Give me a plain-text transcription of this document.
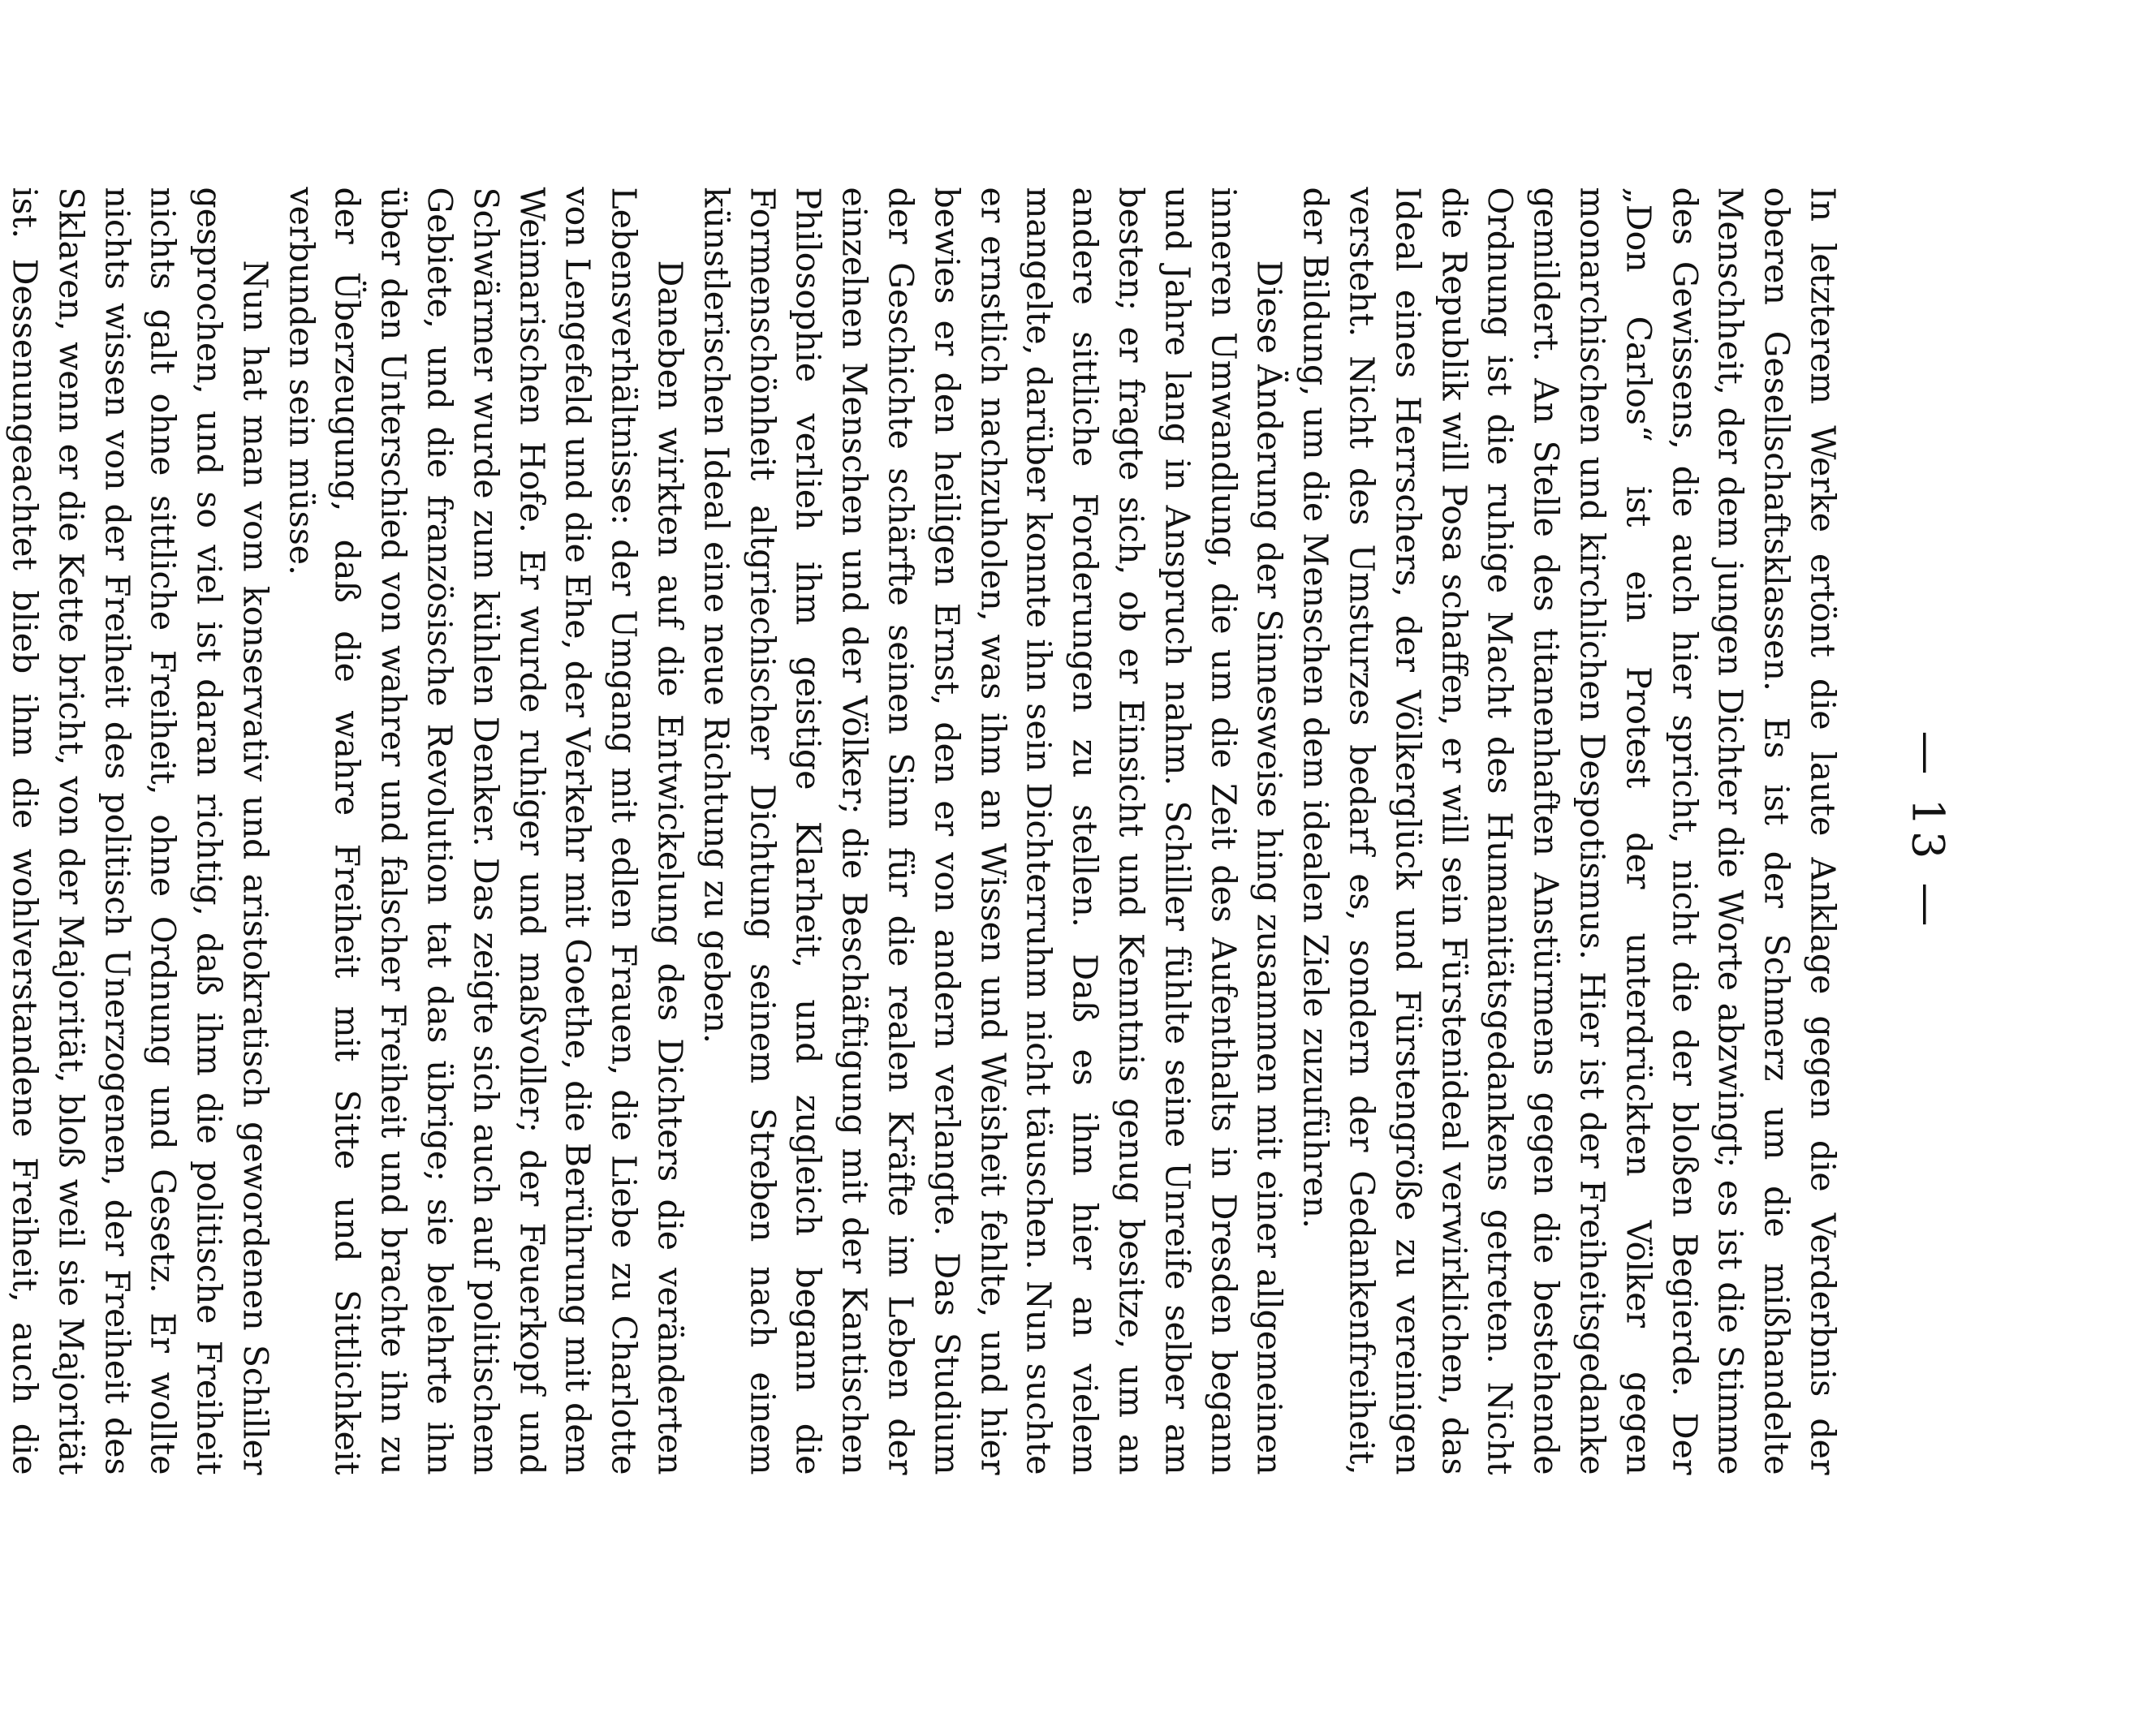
— 13 —

In letzterem Werke ertönt die laute Anklage gegen die Verderbnis der oberen Gesellschaftsklassen. Es ist der Schmerz um die mißhandelte Menschheit, der dem jungen Dichter die Worte abzwingt; es ist die Stimme des Gewissens, die auch hier spricht, nicht die der bloßen Begierde. Der „Don Carlos“ ist ein Protest der unterdrückten Völker gegen monarchischen und kirchlichen Despotismus. Hier ist der Freiheitsgedanke gemildert. An Stelle des titanenhaften Anstürmens gegen die bestehende Ordnung ist die ruhige Macht des Humanitätsgedankens getreten. Nicht die Republik will Posa schaffen, er will sein Fürstenideal verwirklichen, das Ideal eines Herrschers, der Völkerglück und Fürstengröße zu vereinigen versteht. Nicht des Umsturzes bedarf es, sondern der Gedankenfreiheit, der Bildung, um die Menschen dem idealen Ziele zuzuführen.

Diese Änderung der Sinnesweise hing zusammen mit einer allgemeinen inneren Umwandlung, die um die Zeit des Aufenthalts in Dresden begann und Jahre lang in Anspruch nahm. Schiller fühlte seine Unreife selber am besten; er fragte sich, ob er Einsicht und Kenntnis genug besitze, um an andere sittliche Forderungen zu stellen. Daß es ihm hier an vielem mangelte, darüber konnte ihn sein Dichterruhm nicht täuschen. Nun suchte er ernstlich nachzuholen, was ihm an Wissen und Weisheit fehlte, und hier bewies er den heiligen Ernst, den er von andern verlangte. Das Studium der Geschichte schärfte seinen Sinn für die realen Kräfte im Leben der einzelnen Menschen und der Völker; die Beschäftigung mit der Kantischen Philosophie verlieh ihm geistige Klarheit, und zugleich begann die Formenschönheit altgriechischer Dichtung seinem Streben nach einem künstlerischen Ideal eine neue Richtung zu geben.

Daneben wirkten auf die Entwickelung des Dichters die veränderten Lebensverhältnisse: der Umgang mit edlen Frauen, die Liebe zu Charlotte von Lengefeld und die Ehe, der Verkehr mit Goethe, die Berührung mit dem Weimarischen Hofe. Er wurde ruhiger und maßvoller; der Feuerkopf und Schwärmer wurde zum kühlen Denker. Das zeigte sich auch auf politischem Gebiete, und die französische Revolution tat das übrige; sie belehrte ihn über den Unterschied von wahrer und falscher Freiheit und brachte ihn zu der Überzeugung, daß die wahre Freiheit mit Sitte und Sittlichkeit verbunden sein müsse.

Nun hat man vom konservativ und aristokratisch gewordenen Schiller gesprochen, und so viel ist daran richtig, daß ihm die politische Freiheit nichts galt ohne sittliche Freiheit, ohne Ordnung und Gesetz. Er wollte nichts wissen von der Freiheit des politisch Unerzogenen, der Freiheit des Sklaven, wenn er die Kette bricht, von der Majorität, bloß weil sie Majorität ist. Dessenungeachtet blieb ihm die wohlverstandene Freiheit, auch die
